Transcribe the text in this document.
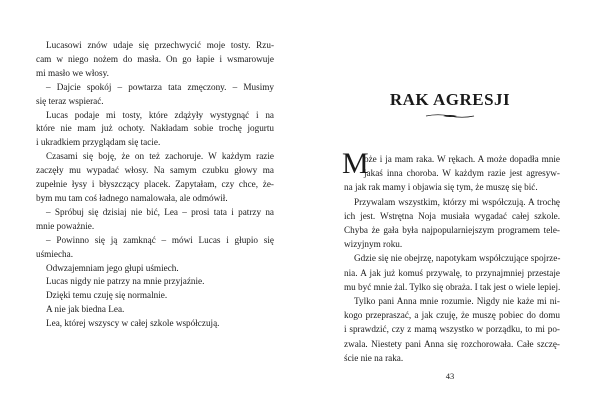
Lucasowi znów udaje się przechwycić moje tosty. Rzu-
cam w niego nożem do masła. On go łapie i wsmarowuje
mi masło we włosy.
– Dajcie spokój – powtarza tata zmęczony. – Musimy
się teraz wspierać.
Lucas podaje mi tosty, które zdążyły wystygnąć i na
które nie mam już ochoty. Nakładam sobie trochę jogurtu
i ukradkiem przyglądam się tacie.
Czasami się boję, że on też zachoruje. W każdym razie
zaczęły mu wypadać włosy. Na samym czubku głowy ma
zupełnie łysy i błyszczący placek. Zapytałam, czy chce, że-
bym mu tam coś ładnego namalowała, ale odmówił.
– Spróbuj się dzisiaj nie bić, Lea – prosi tata i patrzy na
mnie poważnie.
– Powinno się ją zamknąć – mówi Lucas i głupio się
uśmiecha.
Odwzajemniam jego głupi uśmiech.
Lucas nigdy nie patrzy na mnie przyjaźnie.
Dzięki temu czuję się normalnie.
A nie jak biedna Lea.
Lea, której wszyscy w całej szkole współczują.
RAK AGRESJI
M
oże i ja mam raka. W rękach. A może dopadła mnie
jakaś inna choroba. W każdym razie jest agresyw-
na jak rak mamy i objawia się tym, że muszę się bić.
Przywalam wszystkim, którzy mi współczują. A trochę
ich jest. Wstrętna Noja musiała wygadać całej szkole.
Chyba że gała była najpopularniejszym programem tele-
wizyjnym roku.
Gdzie się nie obejrzę, napotykam współczujące spojrze-
nia. A jak już komuś przywalę, to przynajmniej przestaje
mu być mnie żal. Tylko się obraża. I tak jest o wiele lepiej.
Tylko pani Anna mnie rozumie. Nigdy nie każe mi ni-
kogo przepraszać, a jak czuję, że muszę pobiec do domu
i sprawdzić, czy z mamą wszystko w porządku, to mi po-
zwala. Niestety pani Anna się rozchorowała. Całe szczę-
ście nie na raka.
43
